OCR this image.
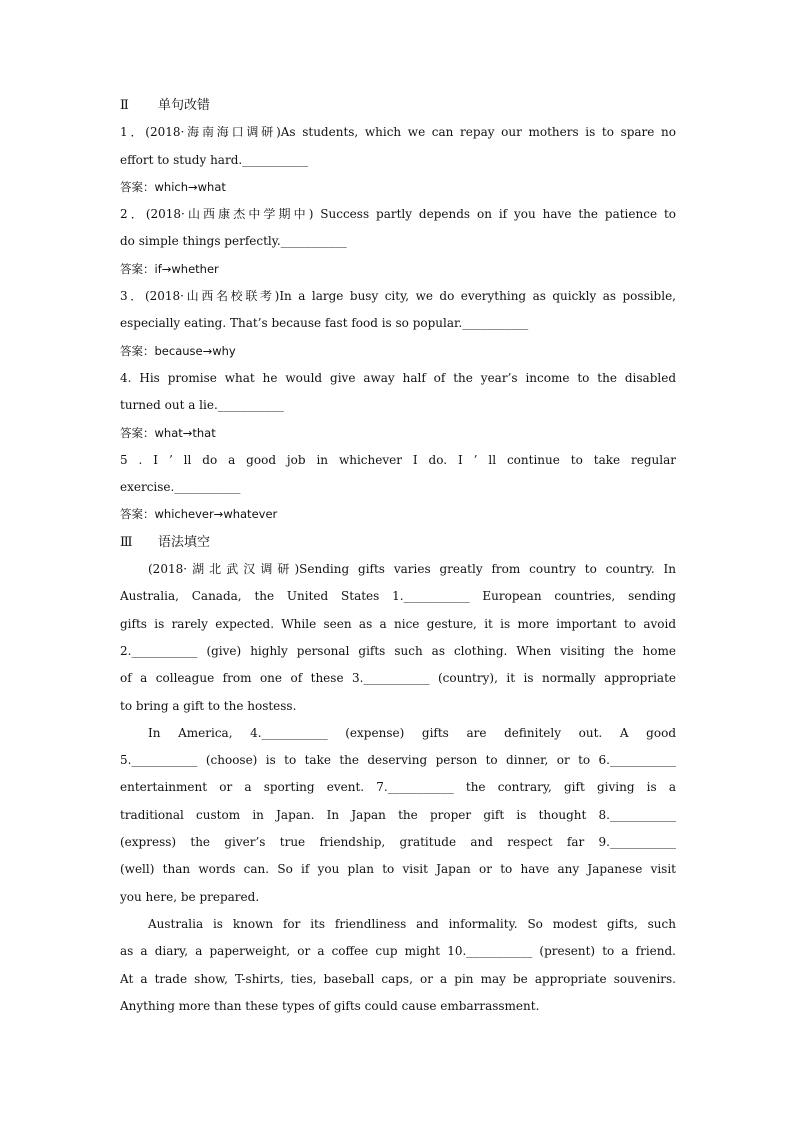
Ⅱ 单句改错
1．(2018·海南海口调研)As students, which we can repay our mothers is to spare no
effort to study hard.___________
答案：which→what
2．(2018·山西康杰中学期中) Success partly depends on if you have the patience to
do simple things perfectly.___________
答案：if→whether
3．(2018·山西名校联考)In a large busy city, we do everything as quickly as possible,
especially eating. That’s because fast food is so popular.___________
答案：because→why
4. His promise what he would give away half of the year’s income to the disabled
turned out a lie.___________
答案：what→that
5 . I ’ ll do a good job in whichever I do. I ’ ll continue to take regular
exercise.___________
答案：whichever→whatever
Ⅲ 语法填空
(2018·湖北武汉调研)Sending gifts varies greatly from country to country. In
Australia, Canada, the United States 1.___________ European countries, sending
gifts is rarely expected. While seen as a nice gesture, it is more important to avoid
2.___________ (give) highly personal gifts such as clothing. When visiting the home
of a colleague from one of these 3.___________ (country), it is normally appropriate
to bring a gift to the hostess.
In America, 4.___________ (expense) gifts are definitely out. A good
5.___________ (choose) is to take the deserving person to dinner, or to 6.___________
entertainment or a sporting event. 7.___________ the contrary, gift giving is a
traditional custom in Japan. In Japan the proper gift is thought 8.___________
(express) the giver’s true friendship, gratitude and respect far 9.___________
(well) than words can. So if you plan to visit Japan or to have any Japanese visit
you here, be prepared.
Australia is known for its friendliness and informality. So modest gifts, such
as a diary, a paperweight, or a coffee cup might 10.___________ (present) to a friend.
At a trade show, T-shirts, ties, baseball caps, or a pin may be appropriate souvenirs.
Anything more than these types of gifts could cause embarrassment.
